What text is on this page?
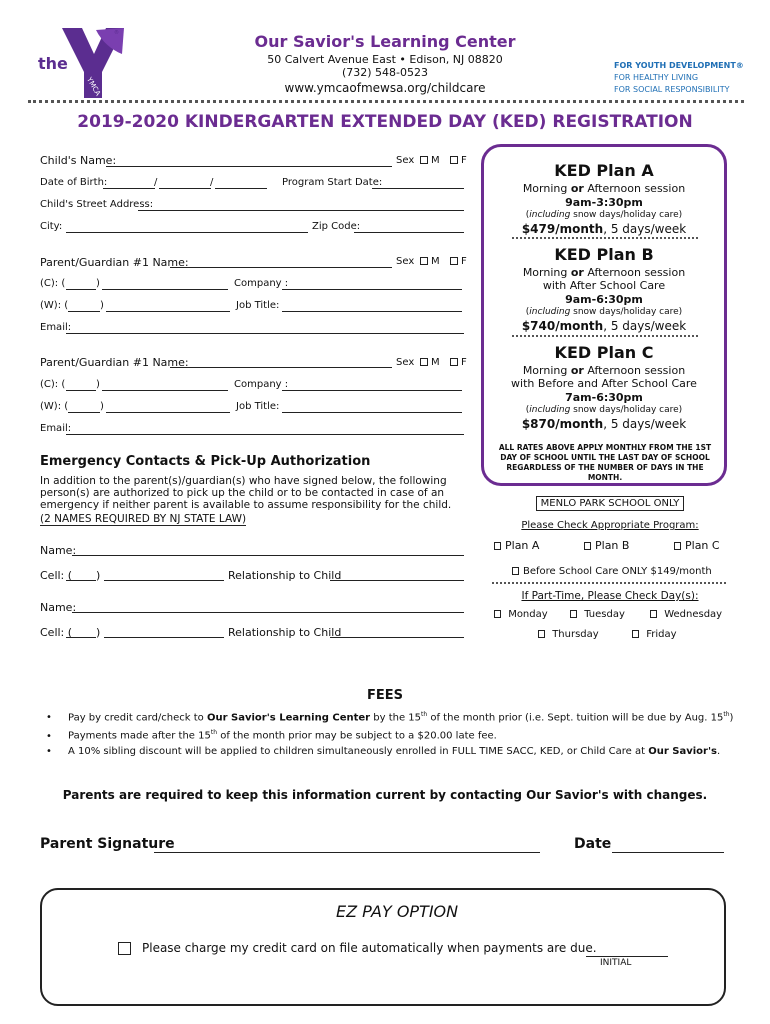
®
the
YMCA
Our Savior's Learning Center
50 Calvert Avenue East • Edison, NJ 08820
(732) 548-0523
www.ymcaofmewsa.org/childcare
FOR YOUTH DEVELOPMENT®
FOR HEALTHY LIVING
FOR SOCIAL RESPONSIBILITY
2019-2020 KINDERGARTEN EXTENDED DAY (KED) REGISTRATION
Child's Name:	Sex	M	F
Date of Birth:	/	/	Program Start Date:
Child's Street Address:
City:	Zip Code:
Parent/Guardian #1 Name:	Sex	M	F
(C): (	)	Company :
(W): (	)	Job Title:
Email:
Parent/Guardian #1 Name:	Sex	M	F
(C): (	)	Company :
(W): (	)	Job Title:
Email:
KED Plan A
Morning or Afternoon session
9am-3:30pm
(including snow days/holiday care)
$479/month, 5 days/week
KED Plan B
Morning or Afternoon session
with After School Care
9am-6:30pm
(including snow days/holiday care)
$740/month, 5 days/week
KED Plan C
Morning or Afternoon session
with Before and After School Care
7am-6:30pm
(including snow days/holiday care)
$870/month, 5 days/week
ALL RATES ABOVE APPLY MONTHLY FROM THE 1ST DAY OF SCHOOL UNTIL THE LAST DAY OF SCHOOL REGARDLESS OF THE NUMBER OF DAYS IN THE MONTH.
Emergency Contacts & Pick-Up Authorization
In addition to the parent(s)/guardian(s) who have signed below, the following person(s) are authorized to pick up the child or to be contacted in case of an emergency if neither parent is available to assume responsibility for the child.
(2 NAMES REQUIRED BY NJ STATE LAW)
Name:
Cell: ( )	Relationship to Child
Name:
Cell: ( )	Relationship to Child
MENLO PARK SCHOOL ONLY
Please Check Appropriate Program:
Plan A	Plan B	Plan C
Before School Care ONLY $149/month
If Part-Time, Please Check Day(s):
Monday	Tuesday	Wednesday
Thursday	Friday
FEES
• Pay by credit card/check to Our Savior's Learning Center by the 15th of the month prior (i.e. Sept. tuition will be due by Aug. 15th)
• Payments made after the 15th of the month prior may be subject to a $20.00 late fee.
• A 10% sibling discount will be applied to children simultaneously enrolled in FULL TIME SACC, KED, or Child Care at Our Savior's.
Parents are required to keep this information current by contacting Our Savior's with changes.
Parent Signature	Date
EZ PAY OPTION
Please charge my credit card on file automatically when payments are due.
INITIAL
